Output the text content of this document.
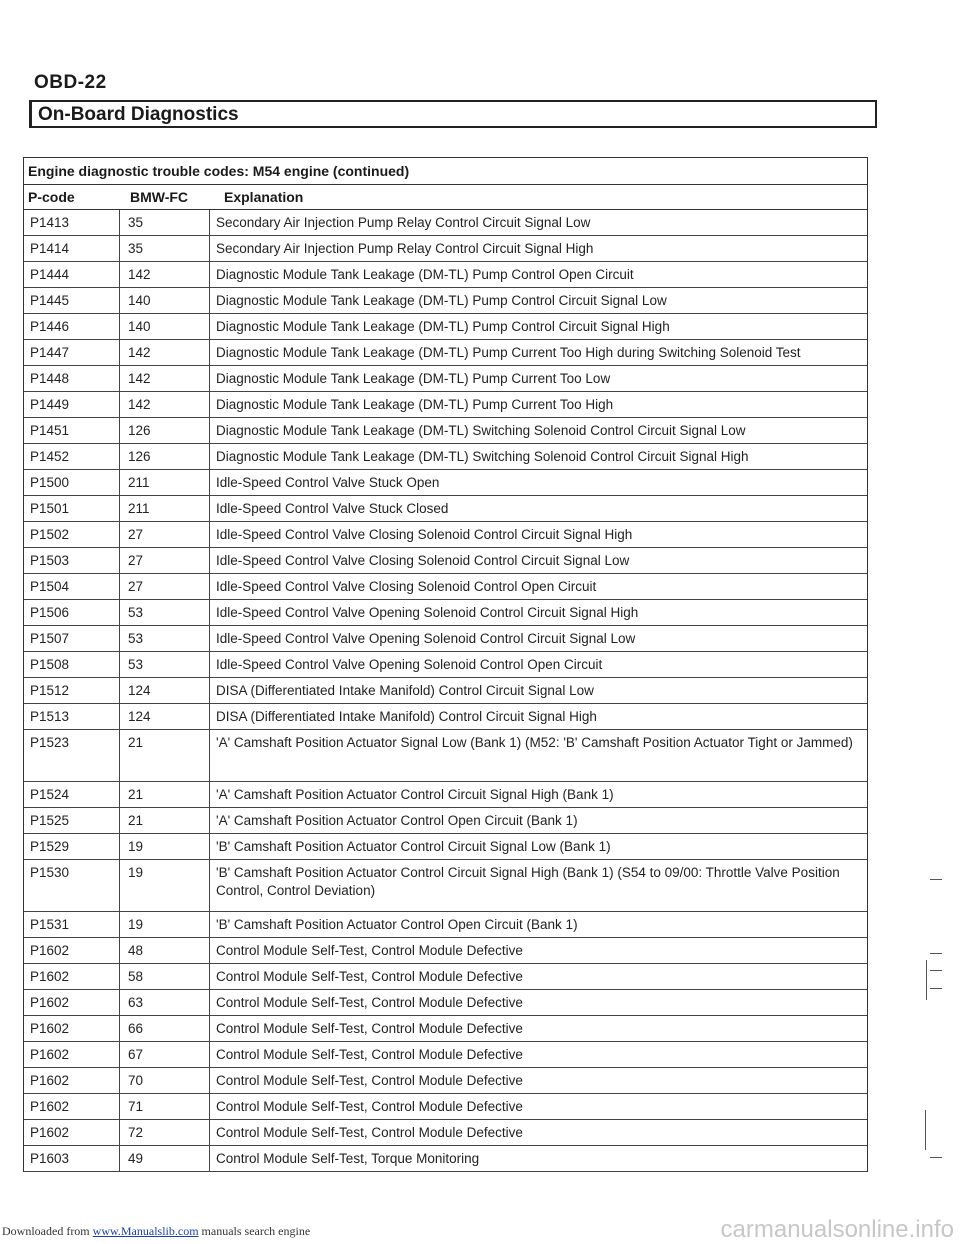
OBD-22
On-Board Diagnostics
Engine diagnostic trouble codes: M54 engine (continued)
P-code	BMW-FC	Explanation
P1413	35	Secondary Air Injection Pump Relay Control Circuit Signal Low
P1414	35	Secondary Air Injection Pump Relay Control Circuit Signal High
P1444	142	Diagnostic Module Tank Leakage (DM-TL) Pump Control Open Circuit
P1445	140	Diagnostic Module Tank Leakage (DM-TL) Pump Control Circuit Signal Low
P1446	140	Diagnostic Module Tank Leakage (DM-TL) Pump Control Circuit Signal High
P1447	142	Diagnostic Module Tank Leakage (DM-TL) Pump Current Too High during Switching Solenoid Test
P1448	142	Diagnostic Module Tank Leakage (DM-TL) Pump Current Too Low
P1449	142	Diagnostic Module Tank Leakage (DM-TL) Pump Current Too High
P1451	126	Diagnostic Module Tank Leakage (DM-TL) Switching Solenoid Control Circuit Signal Low
P1452	126	Diagnostic Module Tank Leakage (DM-TL) Switching Solenoid Control Circuit Signal High
P1500	211	Idle-Speed Control Valve Stuck Open
P1501	211	Idle-Speed Control Valve Stuck Closed
P1502	27	Idle-Speed Control Valve Closing Solenoid Control Circuit Signal High
P1503	27	Idle-Speed Control Valve Closing Solenoid Control Circuit Signal Low
P1504	27	Idle-Speed Control Valve Closing Solenoid Control Open Circuit
P1506	53	Idle-Speed Control Valve Opening Solenoid Control Circuit Signal High
P1507	53	Idle-Speed Control Valve Opening Solenoid Control Circuit Signal Low
P1508	53	Idle-Speed Control Valve Opening Solenoid Control Open Circuit
P1512	124	DISA (Differentiated Intake Manifold) Control Circuit Signal Low
P1513	124	DISA (Differentiated Intake Manifold) Control Circuit Signal High
P1523	21	'A' Camshaft Position Actuator Signal Low (Bank 1) (M52: 'B' Camshaft Position Actuator Tight or Jammed)
P1524	21	'A' Camshaft Position Actuator Control Circuit Signal High (Bank 1)
P1525	21	'A' Camshaft Position Actuator Control Open Circuit (Bank 1)
P1529	19	'B' Camshaft Position Actuator Control Circuit Signal Low (Bank 1)
P1530	19	'B' Camshaft Position Actuator Control Circuit Signal High (Bank 1) (S54 to 09/00: Throttle Valve Position Control, Control Deviation)
P1531	19	'B' Camshaft Position Actuator Control Open Circuit (Bank 1)
P1602	48	Control Module Self-Test, Control Module Defective
P1602	58	Control Module Self-Test, Control Module Defective
P1602	63	Control Module Self-Test, Control Module Defective
P1602	66	Control Module Self-Test, Control Module Defective
P1602	67	Control Module Self-Test, Control Module Defective
P1602	70	Control Module Self-Test, Control Module Defective
P1602	71	Control Module Self-Test, Control Module Defective
P1602	72	Control Module Self-Test, Control Module Defective
P1603	49	Control Module Self-Test, Torque Monitoring
Downloaded from www.Manualslib.com manuals search engine	carmanualsonline.info
